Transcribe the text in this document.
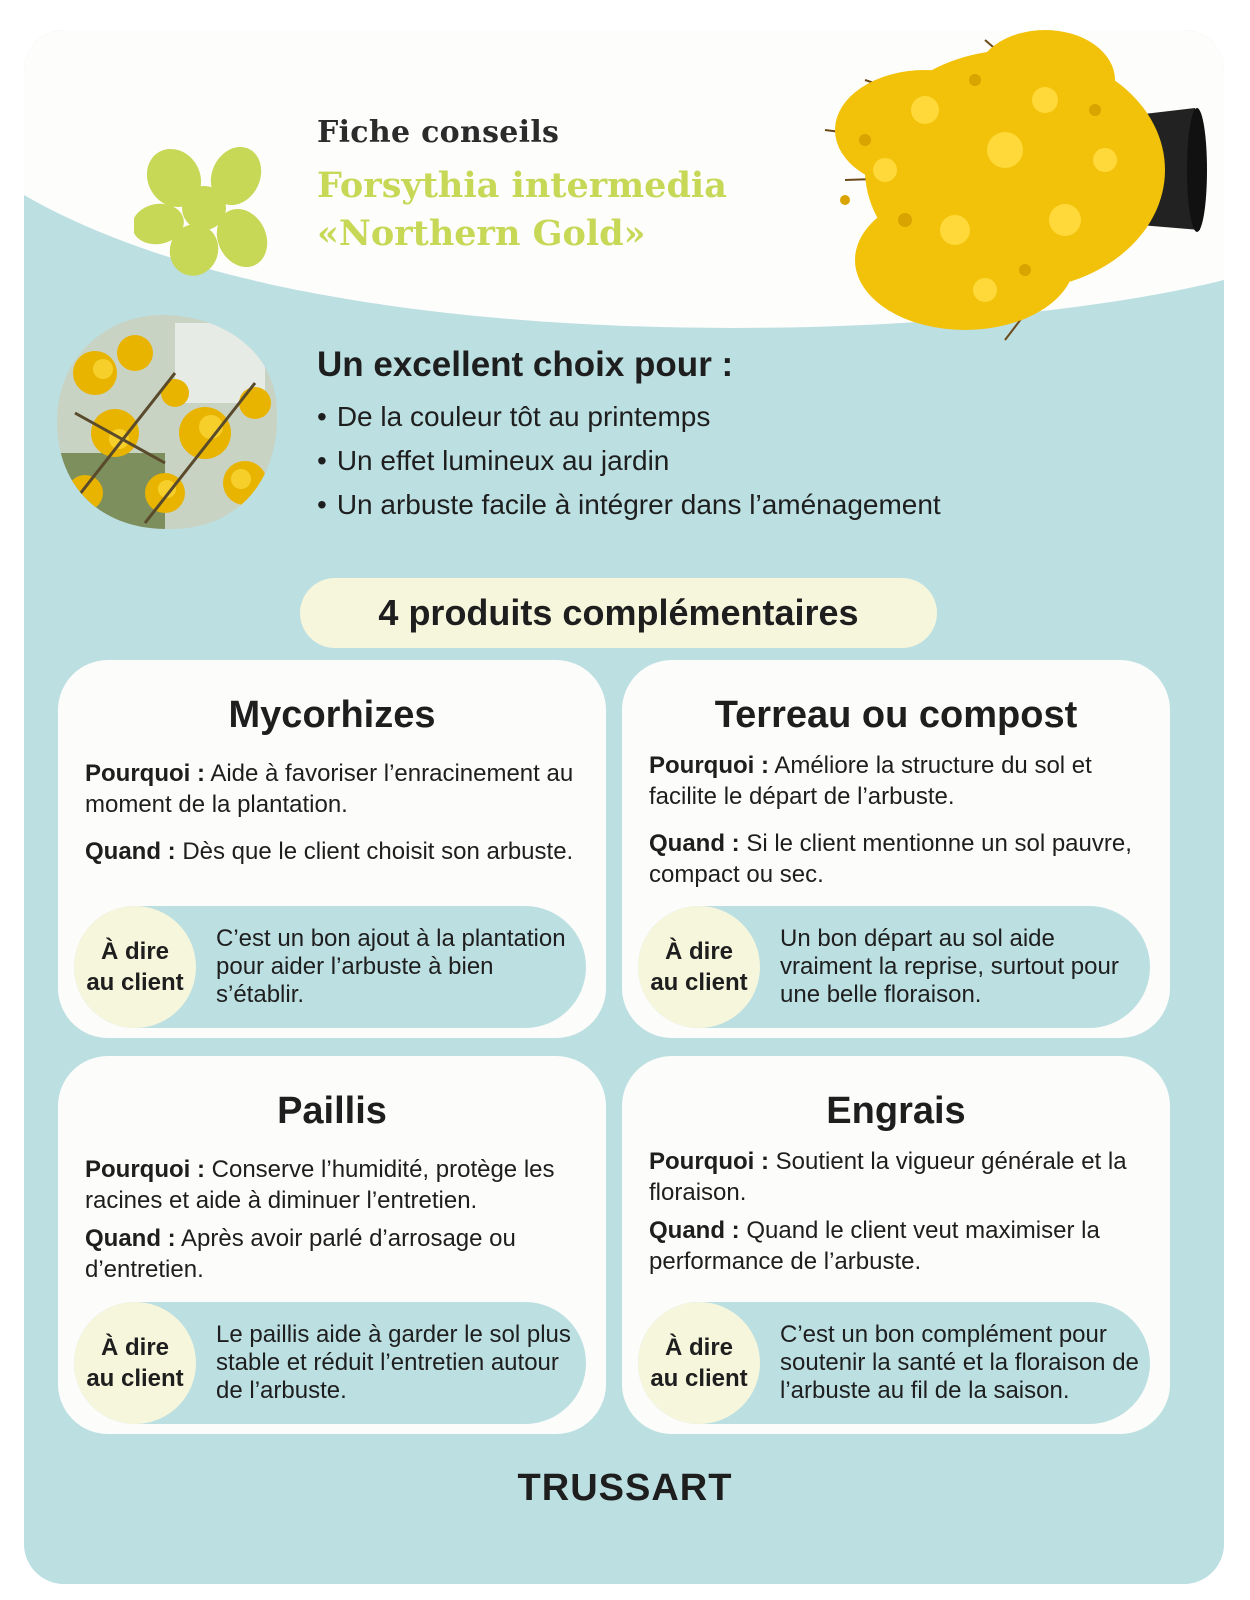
Fiche conseils
Forsythia intermedia
«Northern Gold»
Un excellent choix pour :
• De la couleur tôt au printemps
• Un effet lumineux au jardin
• Un arbuste facile à intégrer dans l’aménagement
4 produits complémentaires
Mycorhizes
Pourquoi : Aide à favoriser l’enracinement au moment de la plantation.
Quand : Dès que le client choisit son arbuste.
À dire
au client
C’est un bon ajout à la plantation pour aider l’arbuste à bien s’établir.
Terreau ou compost
Pourquoi : Améliore la structure du sol et facilite le départ de l’arbuste.
Quand : Si le client mentionne un sol pauvre, compact ou sec.
À dire
au client
Un bon départ au sol aide vraiment la reprise, surtout pour une belle floraison.
Paillis
Pourquoi : Conserve l’humidité, protège les racines et aide à diminuer l’entretien.
Quand : Après avoir parlé d’arrosage ou d’entretien.
À dire
au client
Le paillis aide à garder le sol plus stable et réduit l’entretien autour de l’arbuste.
Engrais
Pourquoi : Soutient la vigueur générale et la floraison.
Quand : Quand le client veut maximiser la performance de l’arbuste.
À dire
au client
C’est un bon complément pour soutenir la santé et la floraison de l’arbuste au fil de la saison.
TRUSSART
